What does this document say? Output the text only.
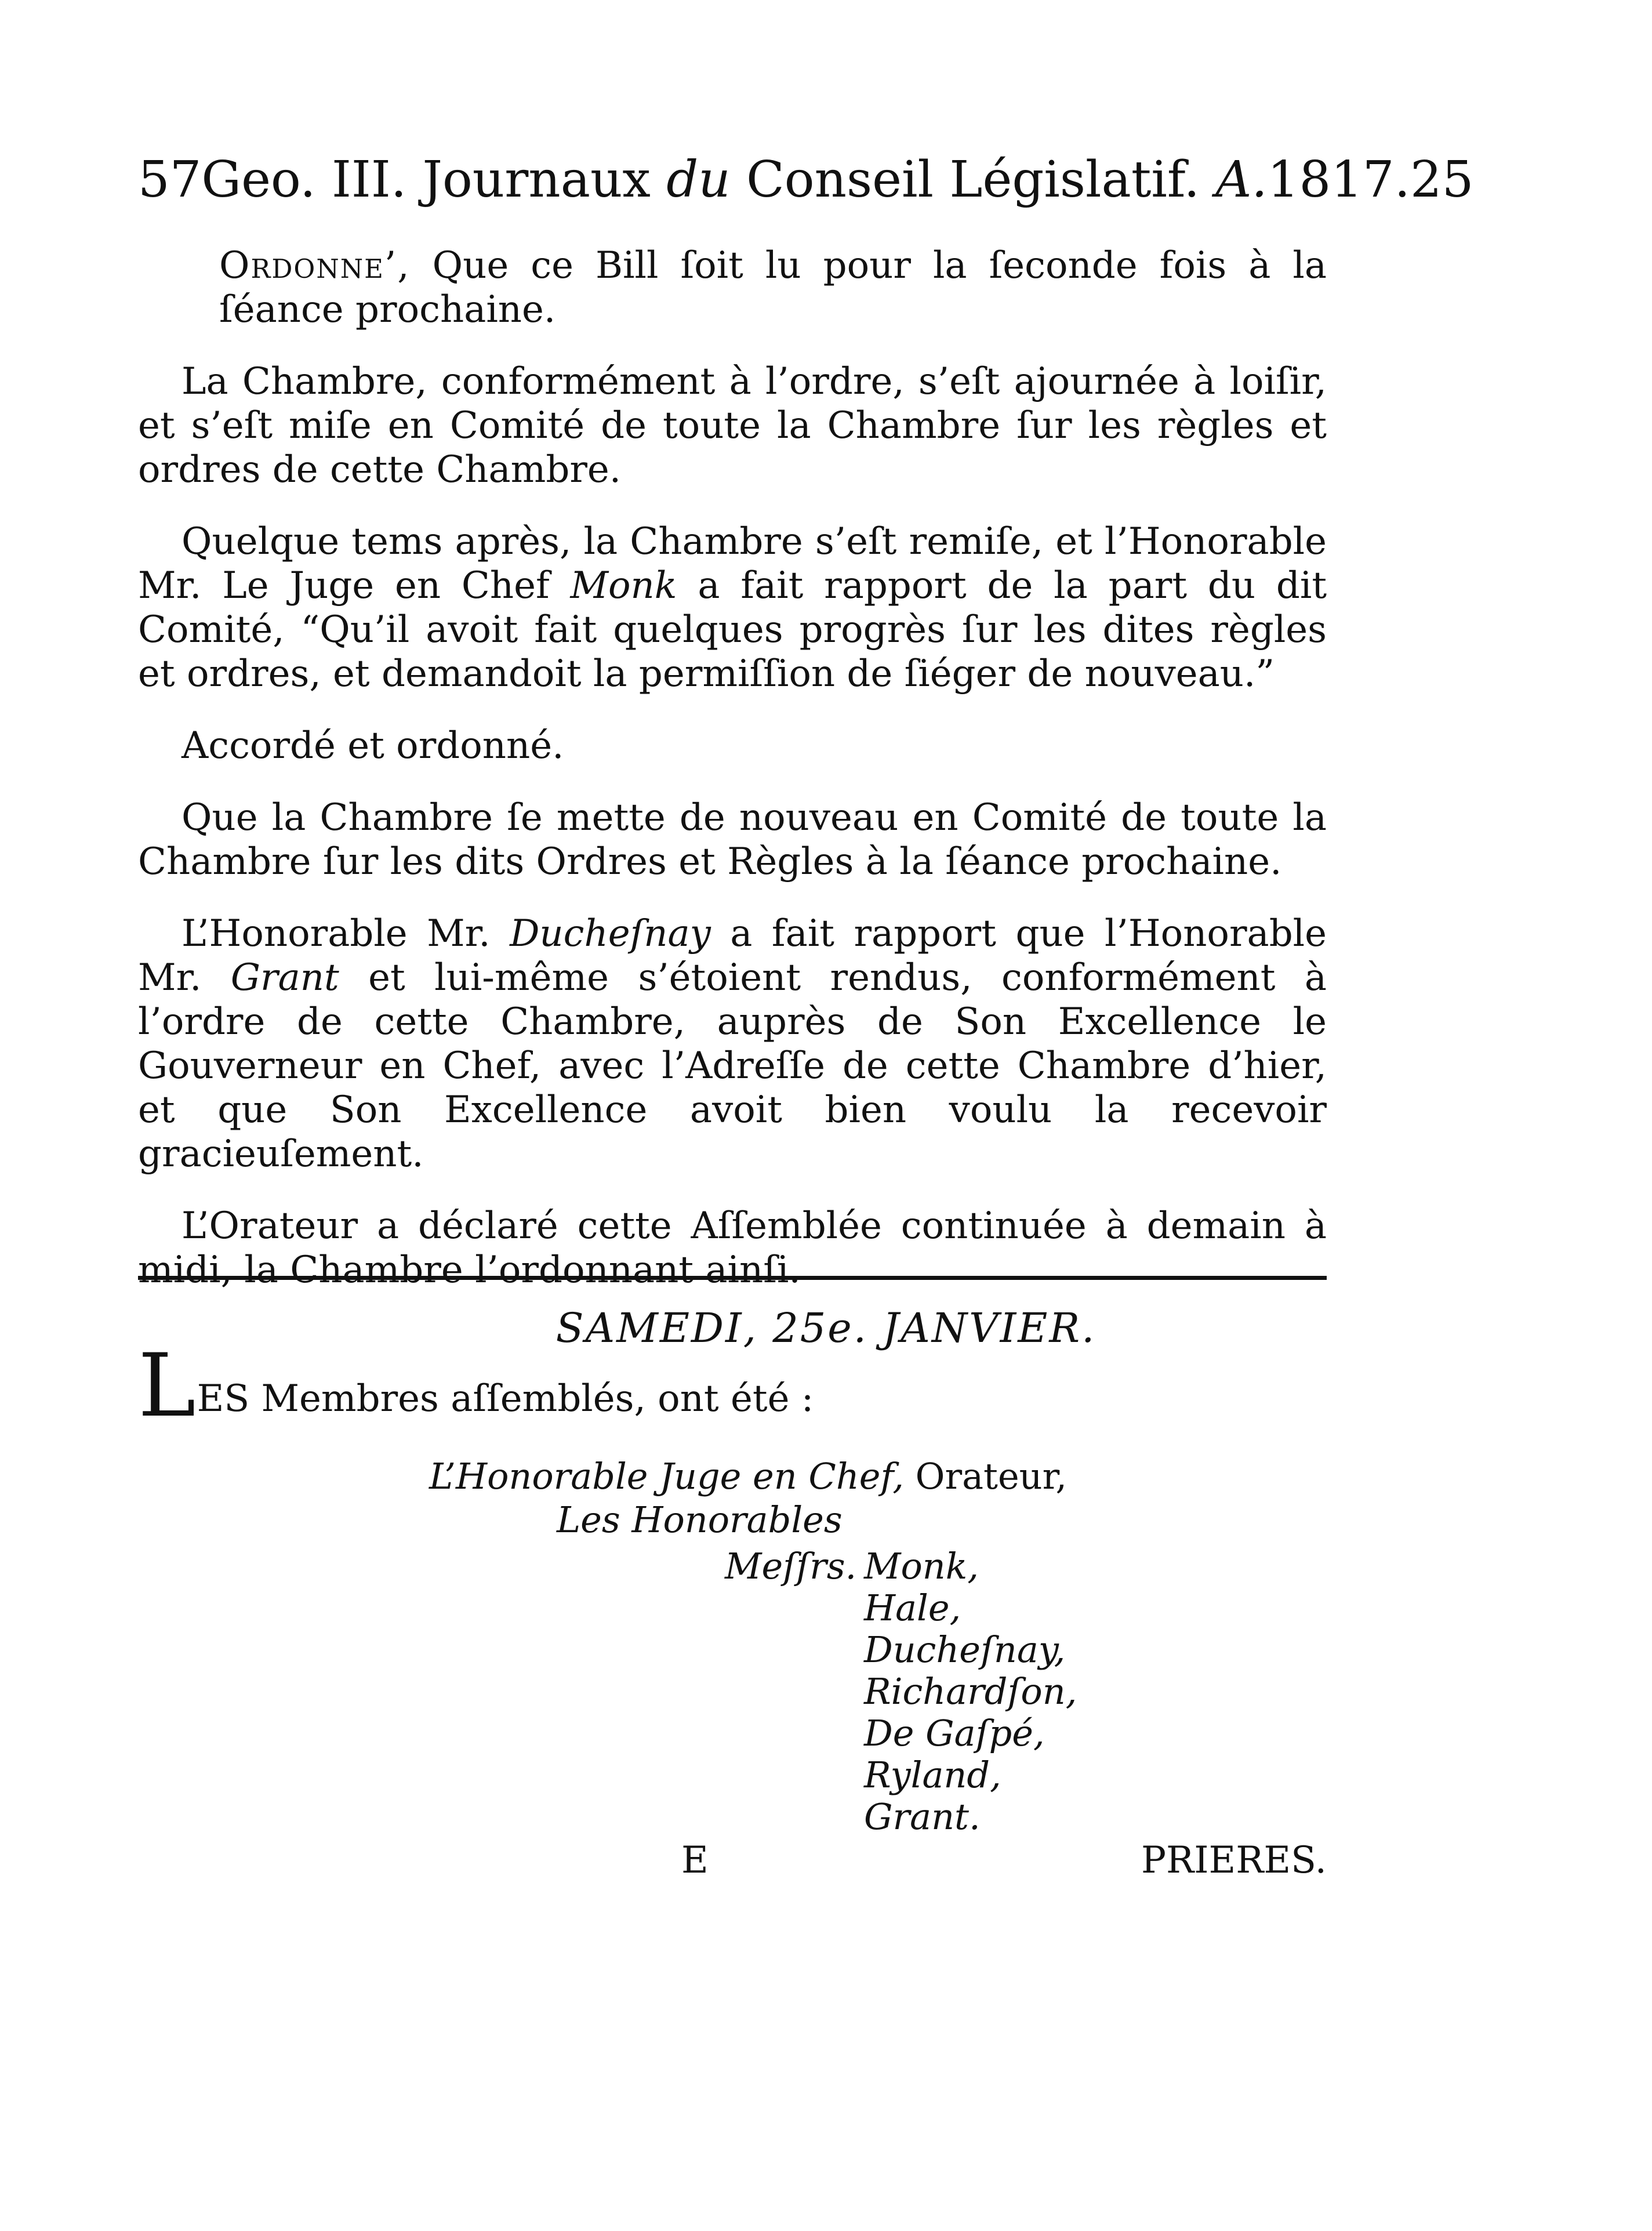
57Geo. III. Journaux du Conseil Législatif. A. 1817.25

Ordonne’, Que ce Bill ſoit lu pour la ſeconde fois à la ſéance prochaine.

La Chambre, conformément à l’ordre, s’eſt ajournée à loiſir, et s’eſt miſe en Comité de toute la Chambre ſur les règles et ordres de cette Chambre.

Quelque tems après, la Chambre s’eſt remiſe, et l’Honorable Mr. Le Juge en Chef Monk a fait rapport de la part du dit Comité, “Qu’il avoit fait quelques progrès ſur les dites règles et ordres, et demandoit la permiſſion de ſiéger de nouveau.”

Accordé et ordonné.

Que la Chambre ſe mette de nouveau en Comité de toute la Chambre ſur les dits Ordres et Règles à la ſéance prochaine.

L’Honorable Mr. Ducheſnay a fait rapport que l’Honorable Mr. Grant et lui-même s’étoient rendus, conformément à l’ordre de cette Chambre, auprès de Son Excellence le Gouverneur en Chef, avec l’Adreſſe de cette Chambre d’hier, et que Son Excellence avoit bien voulu la recevoir gracieuſement.

L’Orateur a déclaré cette Aſſemblée continuée à demain à midi, la Chambre l’ordonnant ainſi.

SAMEDI, 25e. JANVIER.
LES Membres aſſemblés, ont été :
L’Honorable Juge en Chef, Orateur,
Les Honorables
Meſſrs. Monk,
Hale,
Ducheſnay,
Richardſon,
De Gaſpé,
Ryland,
Grant.
E	PRIERES.
